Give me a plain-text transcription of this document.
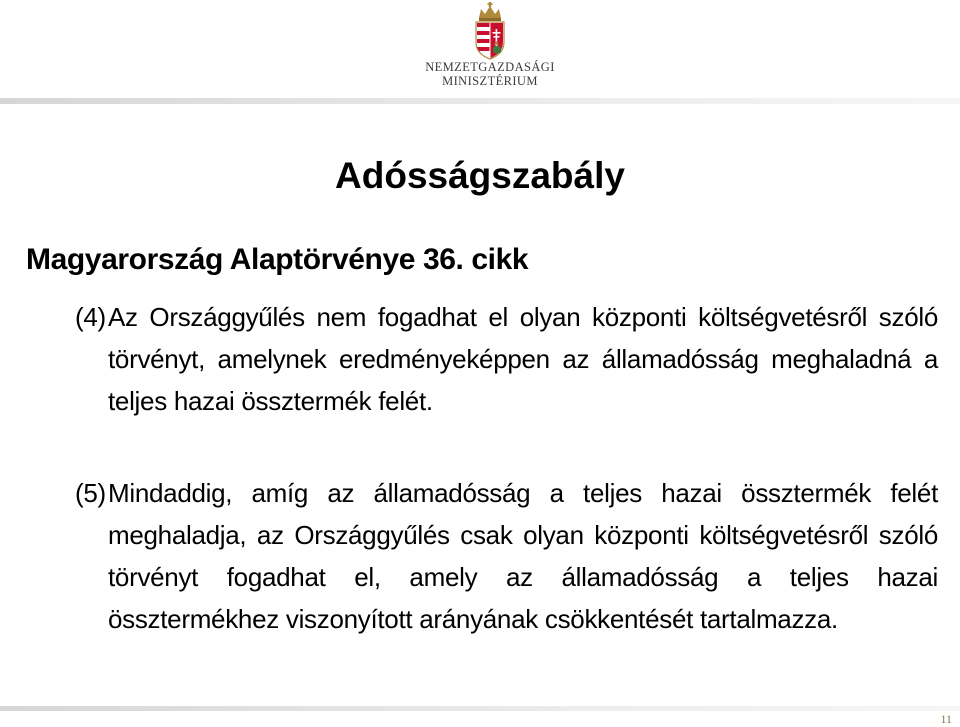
NEMZETGAZDASÁGI
MINISZTÉRIUM
Adósságszabály
Magyarország Alaptörvénye 36. cikk

(4) Az Országgyűlés nem fogadhat el olyan központi költségvetésről szóló törvényt, amelynek eredményeképpen az államadósság meghaladná a teljes hazai össztermék felét.

(5) Mindaddig, amíg az államadósság a teljes hazai össztermék felét meghaladja, az Országgyűlés csak olyan központi költségvetésről szóló törvényt fogadhat el, amely az államadósság a teljes hazai össztermékhez viszonyított arányának csökkentését tartalmazza.

11
